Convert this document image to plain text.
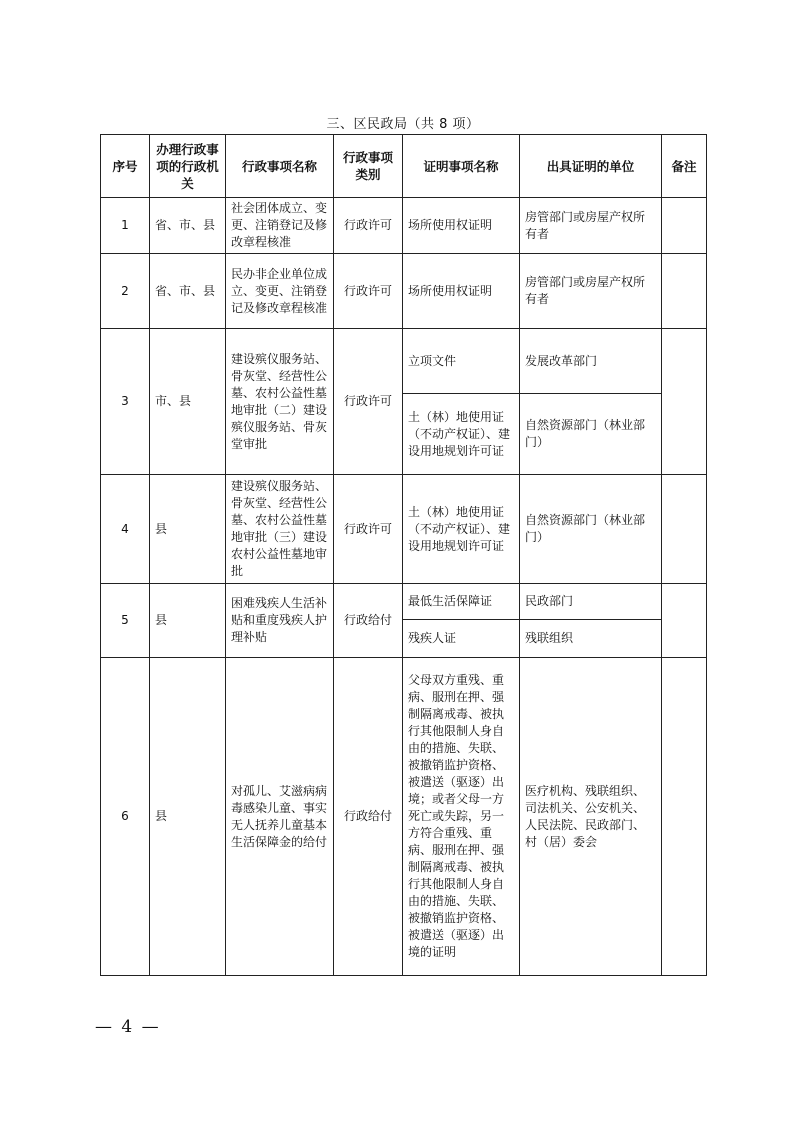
三、区民政局（共 8 项）
序号	办理行政事项的行政机关	行政事项名称	行政事项类别	证明事项名称	出具证明的单位	备注
1	省、市、县	社会团体成立、变更、注销登记及修改章程核准	行政许可	场所使用权证明	房管部门或房屋产权所有者	
2	省、市、县	民办非企业单位成立、变更、注销登记及修改章程核准	行政许可	场所使用权证明	房管部门或房屋产权所有者	
3	市、县	建设殡仪服务站、骨灰堂、经营性公墓、农村公益性墓地审批（二）建设殡仪服务站、骨灰堂审批	行政许可	立项文件	发展改革部门	
				土（林）地使用证（不动产权证）、建设用地规划许可证	自然资源部门（林业部门）	
4	县	建设殡仪服务站、骨灰堂、经营性公墓、农村公益性墓地审批（三）建设农村公益性墓地审批	行政许可	土（林）地使用证（不动产权证）、建设用地规划许可证	自然资源部门（林业部门）	
5	县	困难残疾人生活补贴和重度残疾人护理补贴	行政给付	最低生活保障证	民政部门	
				残疾人证	残联组织	
6	县	对孤儿、艾滋病病毒感染儿童、事实无人抚养儿童基本生活保障金的给付	行政给付	父母双方重残、重病、服刑在押、强制隔离戒毒、被执行其他限制人身自由的措施、失联、被撤销监护资格、被遣送（驱逐）出境；或者父母一方死亡或失踪，另一方符合重残、重病、服刑在押、强制隔离戒毒、被执行其他限制人身自由的措施、失联、被撤销监护资格、被遣送（驱逐）出境的证明	医疗机构、残联组织、司法机关、公安机关、人民法院、民政部门、村（居）委会	
— 4 —
